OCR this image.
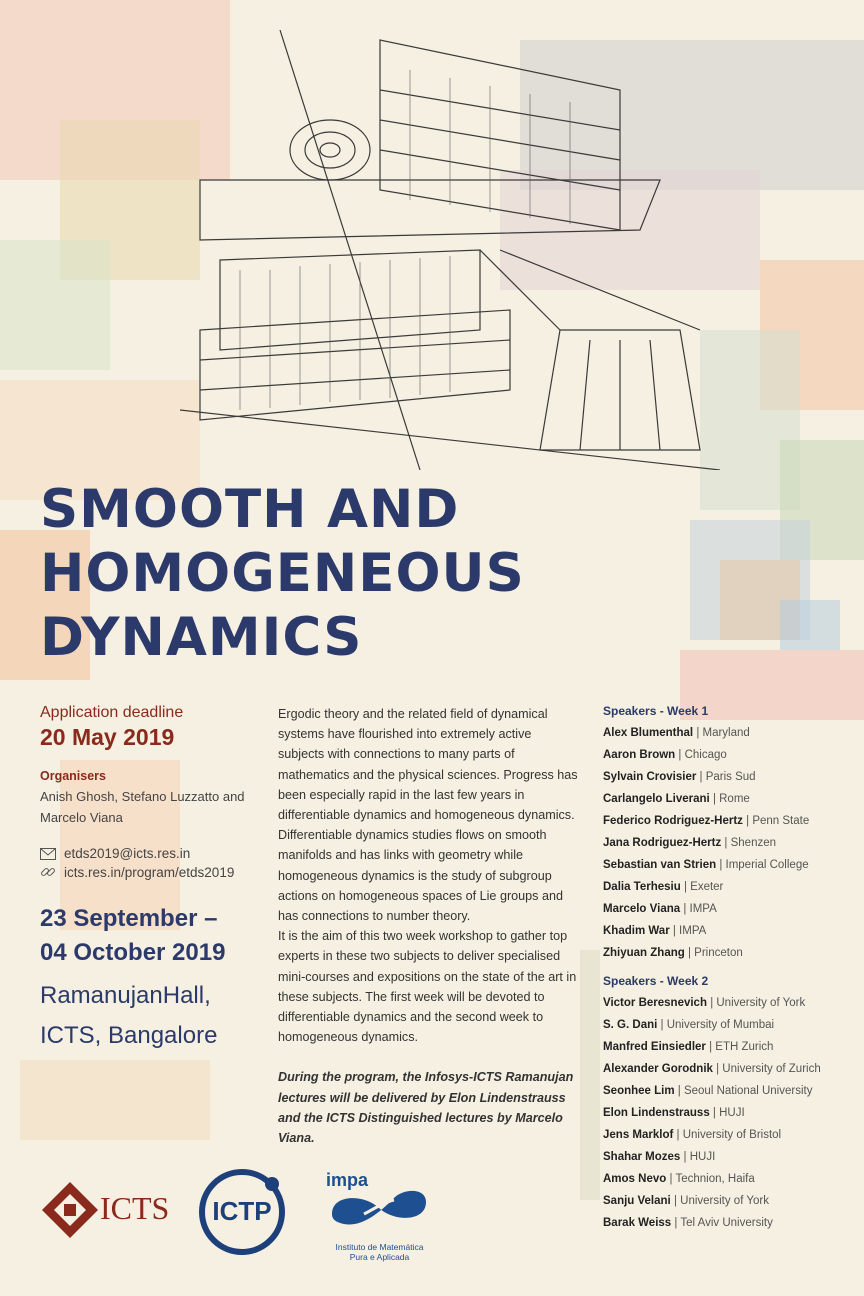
SMOOTH AND
HOMOGENEOUS
DYNAMICS

Application deadline

20 May 2019

Organisers

Anish Ghosh, Stefano Luzzatto and Marcelo Viana

etds2019@icts.res.in
icts.res.in/program/etds2019

23 September –
04 October 2019

RamanujanHall,
ICTS, Bangalore

Ergodic theory and the related field of dynamical systems have flourished into extremely active subjects with connections to many parts of mathematics and the physical sciences. Progress has been especially rapid in the last few years in differentiable dynamics and homogeneous dynamics. Differentiable dynamics studies flows on smooth manifolds and has links with geometry while homogeneous dynamics is the study of subgroup actions on homogeneous spaces of Lie groups and has connections to number theory.

It is the aim of this two week workshop to gather top experts in these two subjects to deliver specialised mini-courses and expositions on the state of the art in these subjects. The first week will be devoted to differentiable dynamics and the second week to homogeneous dynamics.

During the program, the Infosys-ICTS Ramanujan lectures will be delivered by Elon Lindenstrauss and the ICTS Distinguished lectures by Marcelo Viana.

Speakers - Week 1

Alex Blumenthal | Maryland
Aaron Brown | Chicago
Sylvain Crovisier | Paris Sud
Carlangelo Liverani | Rome
Federico Rodriguez-Hertz | Penn State
Jana Rodriguez-Hertz | Shenzen
Sebastian van Strien | Imperial College
Dalia Terhesiu | Exeter
Marcelo Viana | IMPA
Khadim War | IMPA
Zhiyuan Zhang | Princeton

Speakers - Week 2

Victor Beresnevich | University of York
S. G. Dani | University of Mumbai
Manfred Einsiedler | ETH Zurich
Alexander Gorodnik | University of Zurich
Seonhee Lim | Seoul National University
Elon Lindenstrauss | HUJI
Jens Marklof | University of Bristol
Shahar Mozes | HUJI
Amos Nevo | Technion, Haifa
Sanju Velani | University of York
Barak Weiss | Tel Aviv University
ICTS	ICTP
impa
Instituto de Matemática
Pura e Aplicada
